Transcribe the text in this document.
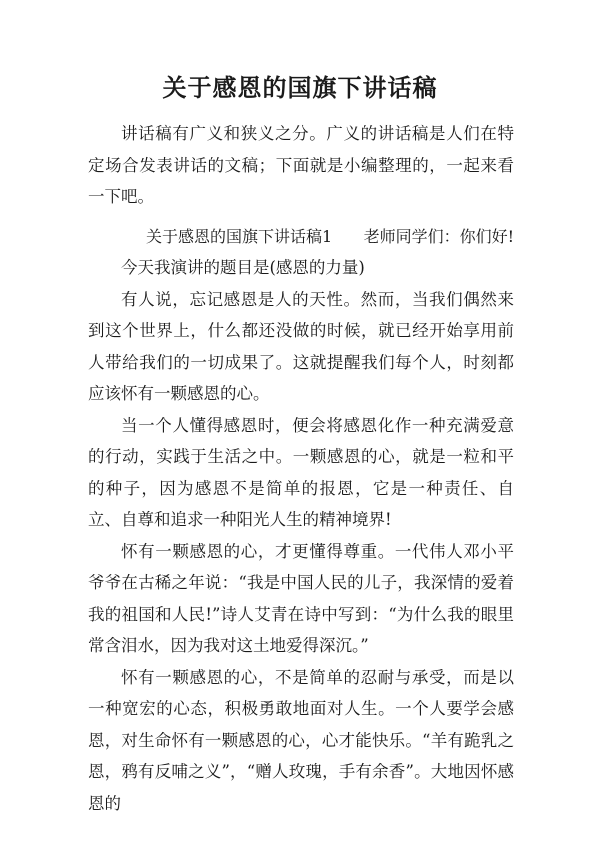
关于感恩的国旗下讲话稿

讲话稿有广义和狭义之分。广义的讲话稿是人们在特定场合发表讲话的文稿；下面就是小编整理的，一起来看一下吧。

关于感恩的国旗下讲话稿1 老师同学们：你们好!

今天我演讲的题目是(感恩的力量)

有人说，忘记感恩是人的天性。然而，当我们偶然来到这个世界上，什么都还没做的时候，就已经开始享用前人带给我们的一切成果了。这就提醒我们每个人，时刻都应该怀有一颗感恩的心。

当一个人懂得感恩时，便会将感恩化作一种充满爱意的行动，实践于生活之中。一颗感恩的心，就是一粒和平的种子，因为感恩不是简单的报恩，它是一种责任、自立、自尊和追求一种阳光人生的精神境界!

怀有一颗感恩的心，才更懂得尊重。一代伟人邓小平爷爷在古稀之年说：“我是中国人民的儿子，我深情的爱着我的祖国和人民!”诗人艾青在诗中写到：“为什么我的眼里常含泪水，因为我对这土地爱得深沉。”

怀有一颗感恩的心，不是简单的忍耐与承受，而是以一种宽宏的心态，积极勇敢地面对人生。一个人要学会感恩，对生命怀有一颗感恩的心，心才能快乐。“羊有跪乳之恩，鸦有反哺之义”，“赠人玫瑰，手有余香”。大地因怀感恩的
